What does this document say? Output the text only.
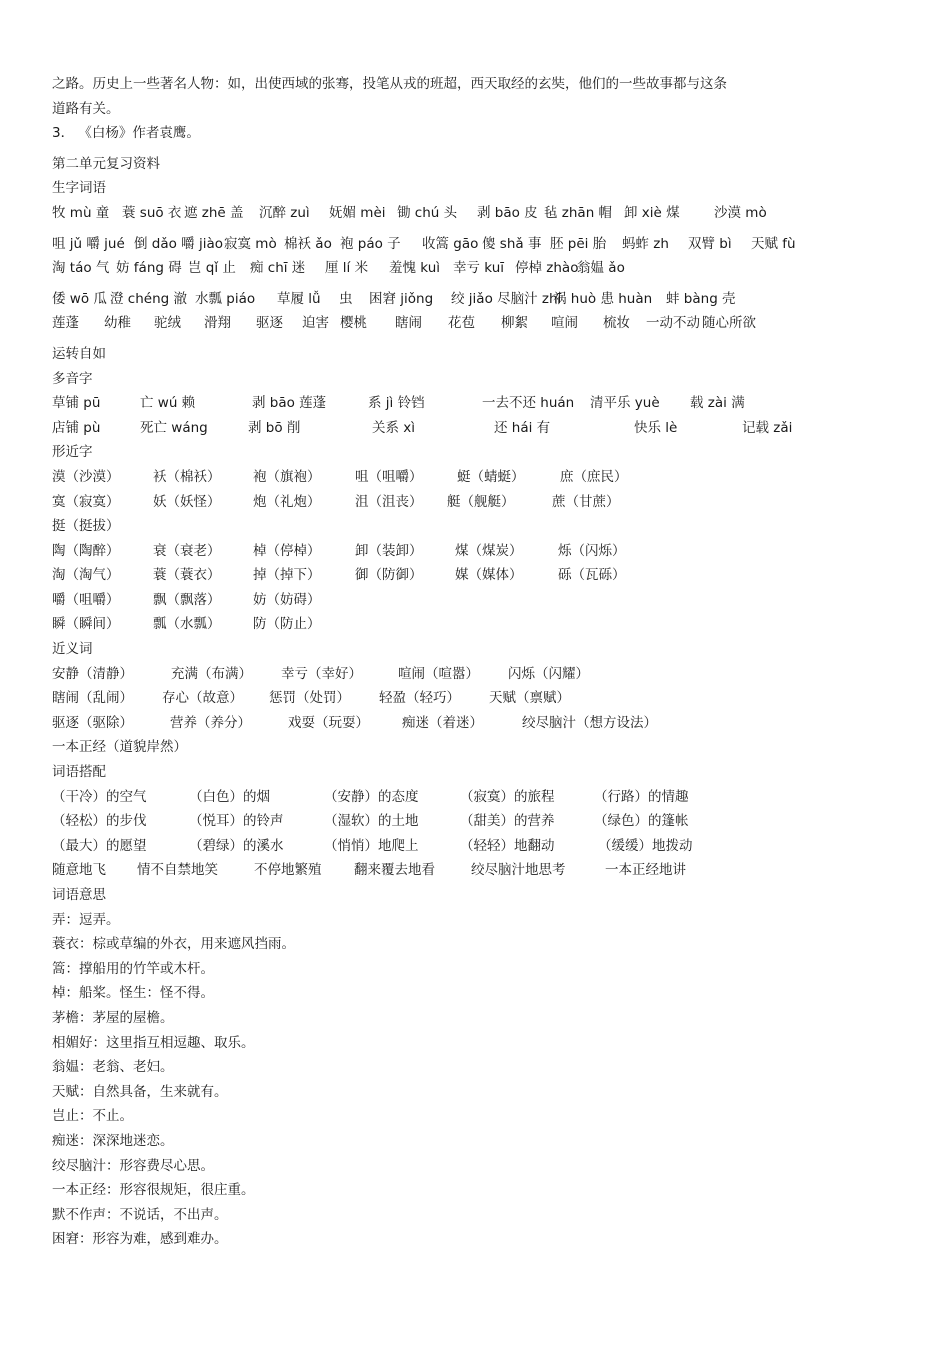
之路。历史上一些著名人物：如，出使西域的张骞，投笔从戎的班超，西天取经的玄奘，他们的一些故事都与这条
道路有关。
3． 《白杨》作者袁鹰。
第二单元复习资料
生字词语
牧 mù 童 蓑 suō 衣 遮 zhē 盖 沉醉 zuì 妩媚 mèi 锄 chú 头 剥 bāo 皮 毡 zhān 帽 卸 xiè 煤	沙漠 mò
咀 jǔ 嚼 jué 倒 dǎo 嚼 jiào寂寞 mò 棉袄 ǎo 袍 páo 子 收篙 gāo 傻 shǎ 事 胚 pēi 胎 蚂蚱 zh 双臂 bì 天赋 fù
淘 táo 气 妨 fáng 碍 岂 qǐ 止 痴 chī 迷 厘 lí 米 羞愧 kuì 幸亏 kuī 停棹 zhào翁媪 ǎo
倭 wō 瓜 澄 chéng 澈 水瓢 piáo 草履 lǚ 虫 困窘 jiǒng 绞 jiǎo 尽脑汁 zhī祸 huò 患 huàn 蚌 bàng 壳
莲蓬 幼稚 驼绒 滑翔 驱逐 迫害 樱桃 瞎闹 花苞 柳絮 喧闹 梳妆 一动不动 随心所欲
运转自如
多音字
草铺 pū	亡 wú 赖	剥 bāo 莲蓬	系 jì 铃铛	一去不还 huán 清平乐 yuè 载 zài 满
店铺 pù	死亡 wáng	剥 bō 削	关系 xì	还 hái 有	快乐 lè	记载 zǎi
形近字
漠（沙漠） 袄（棉袄） 袍（旗袍）	咀（咀嚼）	蜓（蜻蜓）	庶（庶民）
寞（寂寞） 妖（妖怪） 炮（礼炮）	沮（沮丧） 艇（舰艇）	蔗（甘蔗）
挺（挺拔）
陶（陶醉） 衰（衰老） 棹（停棹）	卸（装卸） 煤（煤炭）	烁（闪烁）
淘（淘气） 蓑（蓑衣） 掉（掉下）	御（防御） 媒（媒体）	砾（瓦砾）
嚼（咀嚼） 飘（飘落） 妨（妨碍）
瞬（瞬间） 瓢（水瓢） 防（防止）
近义词
安静（清静）	充满（布满） 幸亏（幸好）	喧闹（喧嚣） 闪烁（闪耀）
瞎闹（乱闹） 存心（故意） 惩罚（处罚） 轻盈（轻巧） 天赋（禀赋）
驱逐（驱除）	营养（养分）	戏耍（玩耍） 痴迷（着迷）	绞尽脑汁（想方设法）
一本正经（道貌岸然）
词语搭配
（干冷）的空气	（白色）的烟	（安静）的态度	（寂寞）的旅程	（行路）的情趣
（轻松）的步伐	（悦耳）的铃声	（湿软）的土地	（甜美）的营养	（绿色）的篷帐
（最大）的愿望	（碧绿）的溪水	（悄悄）地爬上	（轻轻）地翻动	（缓缓）地拨动
随意地飞 情不自禁地笑	不停地繁殖 翻来覆去地看	绞尽脑汁地思考	一本正经地讲
词语意思
弄：逗弄。
蓑衣：棕或草编的外衣，用来遮风挡雨。
篙：撑船用的竹竿或木杆。
棹：船桨。怪生：怪不得。
茅檐：茅屋的屋檐。
相媚好：这里指互相逗趣、取乐。
翁媪：老翁、老妇。
天赋：自然具备，生来就有。
岂止：不止。
痴迷：深深地迷恋。
绞尽脑汁：形容费尽心思。
一本正经：形容很规矩，很庄重。
默不作声：不说话，不出声。
困窘：形容为难，感到难办。
